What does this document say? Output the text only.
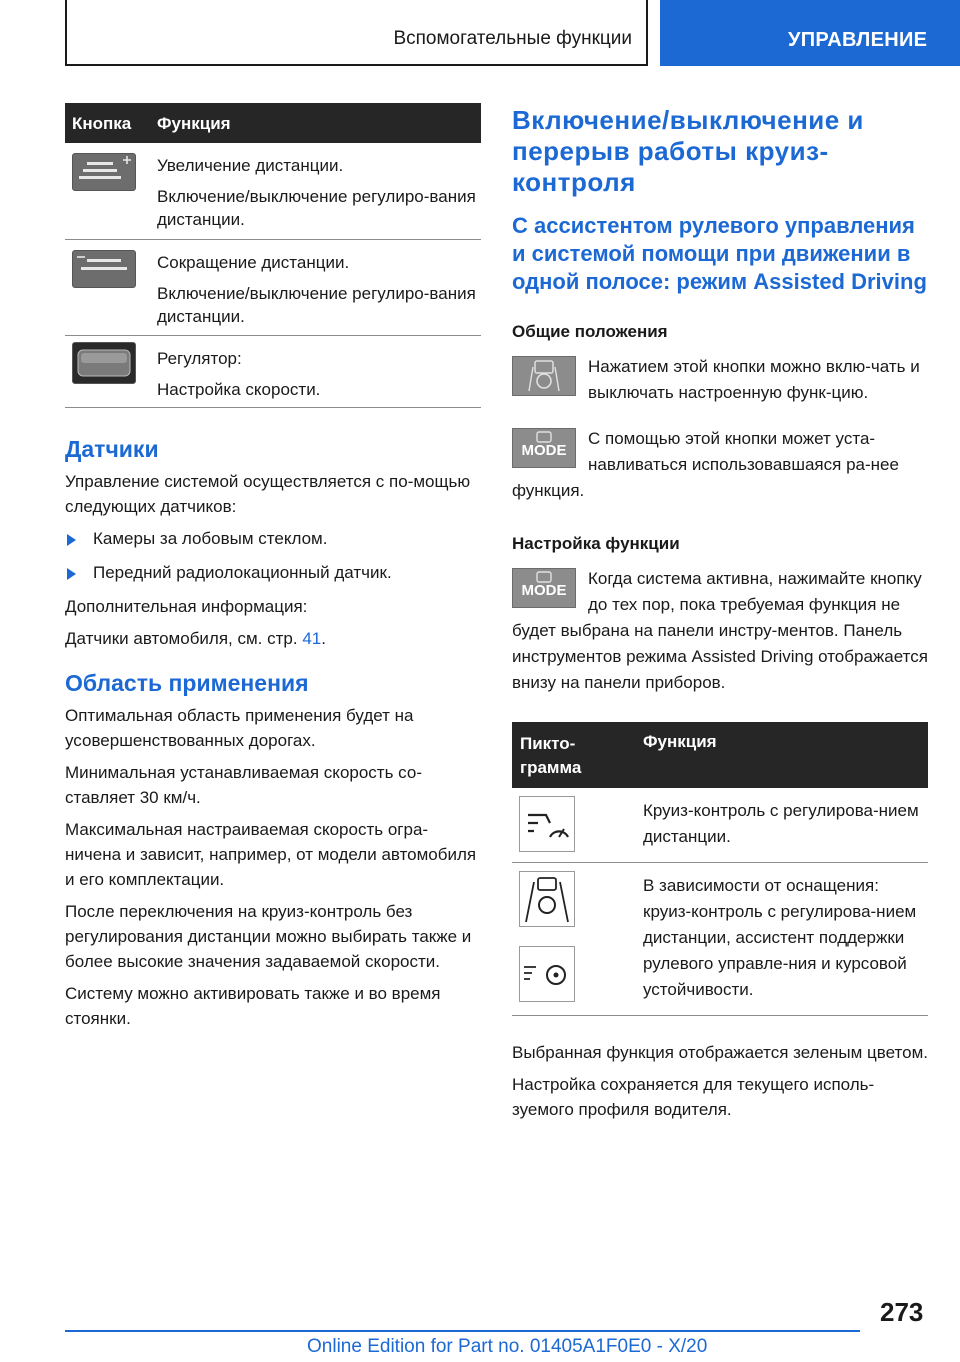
Вспомогательные функции	УПРАВЛЕНИЕ
Кнопка Функция

Увеличение дистанции.

Включение/выключение регулиро-вания дистанции.

Сокращение дистанции.

Включение/выключение регулиро-вания дистанции.

Регулятор:

Настройка скорости.

Датчики
Управление системой осуществляется с по-мощью следующих датчиков:
Камеры за лобовым стеклом.
Передний радиолокационный датчик.
Дополнительная информация:
Датчики автомобиля, см. стр. 41.
Область применения
Оптимальная область применения будет на усовершенствованных дорогах.
Минимальная устанавливаемая скорость со-ставляет 30 км/ч.
Максимальная настраиваемая скорость огра-ничена и зависит, например, от модели автомобиля и его комплектации.
После переключения на круиз-контроль без регулирования дистанции можно выбирать также и более высокие значения задаваемой скорости.
Систему можно активировать также и во время стоянки.
Включение/выключение и перерыв работы круиз-контроля
С ассистентом рулевого управления и системой помощи при движении в одной полосе: режим Assisted Driving
Общие положения
Нажатием этой кнопки можно вклю-чать и выключать настроенную функ-цию.
MODE
С помощью этой кнопки может уста-навливаться использовавшаяся ра-нее функция.
Настройка функции
MODE
Когда система активна, нажимайте кнопку до тех пор, пока требуемая функция не будет выбрана на панели инстру-ментов. Панель инструментов режима Assisted Driving отображается внизу на панели приборов.
Пикто-грамма
Функция
Круиз-контроль с регулирова-нием дистанции.
В зависимости от оснащения: круиз-контроль с регулирова-нием дистанции, ассистент поддержки рулевого управле-ния и курсовой устойчивости.
Выбранная функция отображается зеленым цветом.
Настройка сохраняется для текущего исполь-зуемого профиля водителя.
273
Online Edition for Part no. 01405A1F0E0 - X/20
